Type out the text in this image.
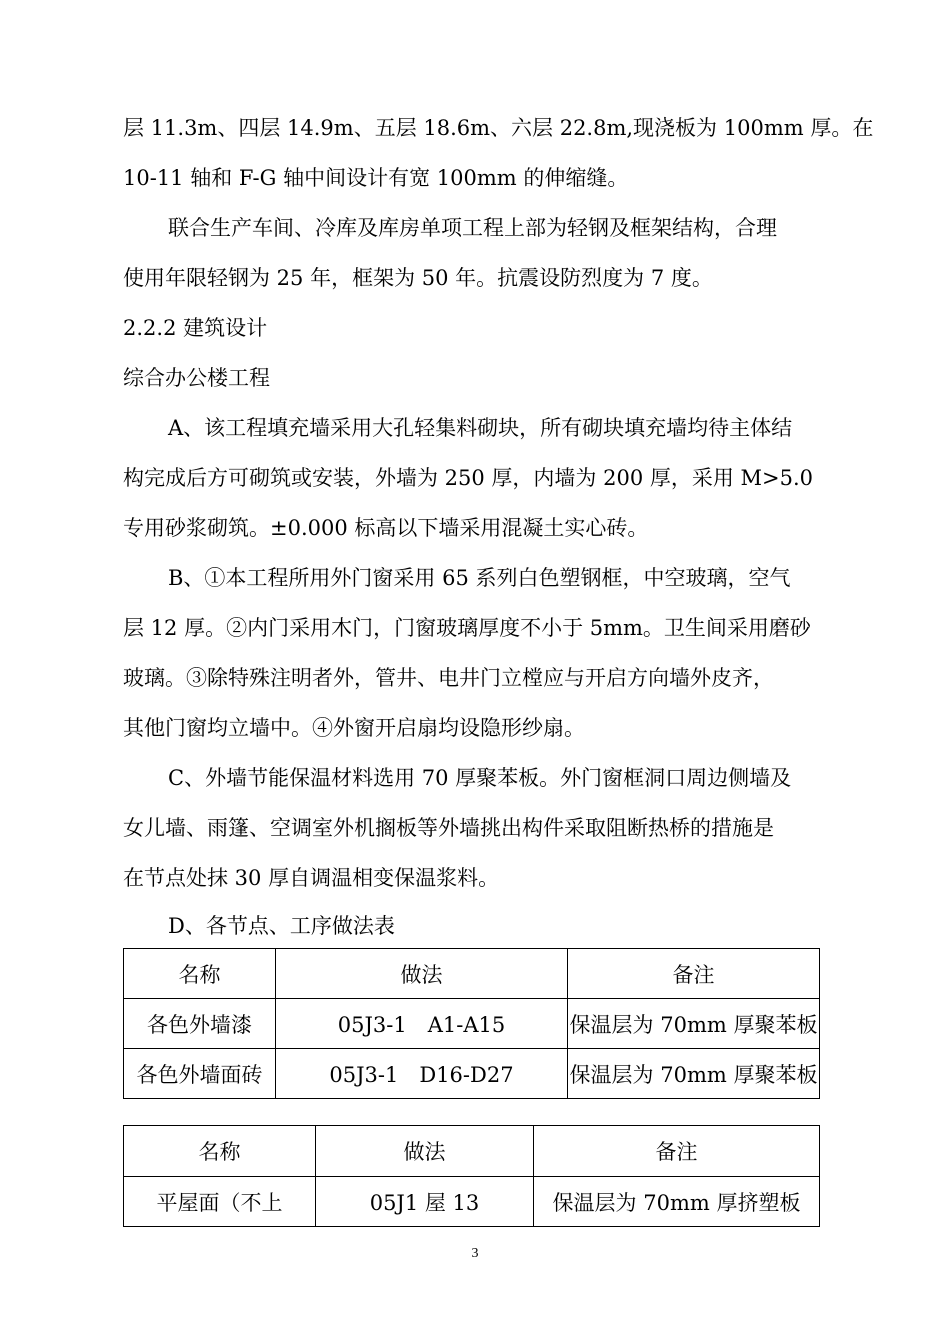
层 11.3m、四层 14.9m、五层 18.6m、六层 22.8m,现浇板为 100mm 厚。在
10-11 轴和 F-G 轴中间设计有宽 100mm 的伸缩缝。
联合生产车间、冷库及库房单项工程上部为轻钢及框架结构，合理
使用年限轻钢为 25 年，框架为 50 年。抗震设防烈度为 7 度。
2.2.2 建筑设计
综合办公楼工程
A、该工程填充墙采用大孔轻集料砌块，所有砌块填充墙均待主体结
构完成后方可砌筑或安装，外墙为 250 厚，内墙为 200 厚，采用 M>5.0
专用砂浆砌筑。±0.000 标高以下墙采用混凝土实心砖。
B、①本工程所用外门窗采用 65 系列白色塑钢框，中空玻璃，空气
层 12 厚。②内门采用木门，门窗玻璃厚度不小于 5mm。卫生间采用磨砂
玻璃。③除特殊注明者外，管井、电井门立樘应与开启方向墙外皮齐，
其他门窗均立墙中。④外窗开启扇均设隐形纱扇。
C、外墙节能保温材料选用 70 厚聚苯板。外门窗框洞口周边侧墙及
女儿墙、雨篷、空调室外机搁板等外墙挑出构件采取阻断热桥的措施是
在节点处抹 30 厚自调温相变保温浆料。
D、各节点、工序做法表
名称	做法	备注
各色外墙漆	05J3-1　A1-A15	保温层为 70mm 厚聚苯板
各色外墙面砖	05J3-1　D16-D27	保温层为 70mm 厚聚苯板
名称	做法	备注
平屋面（不上	05J1 屋 13	保温层为 70mm 厚挤塑板
3
